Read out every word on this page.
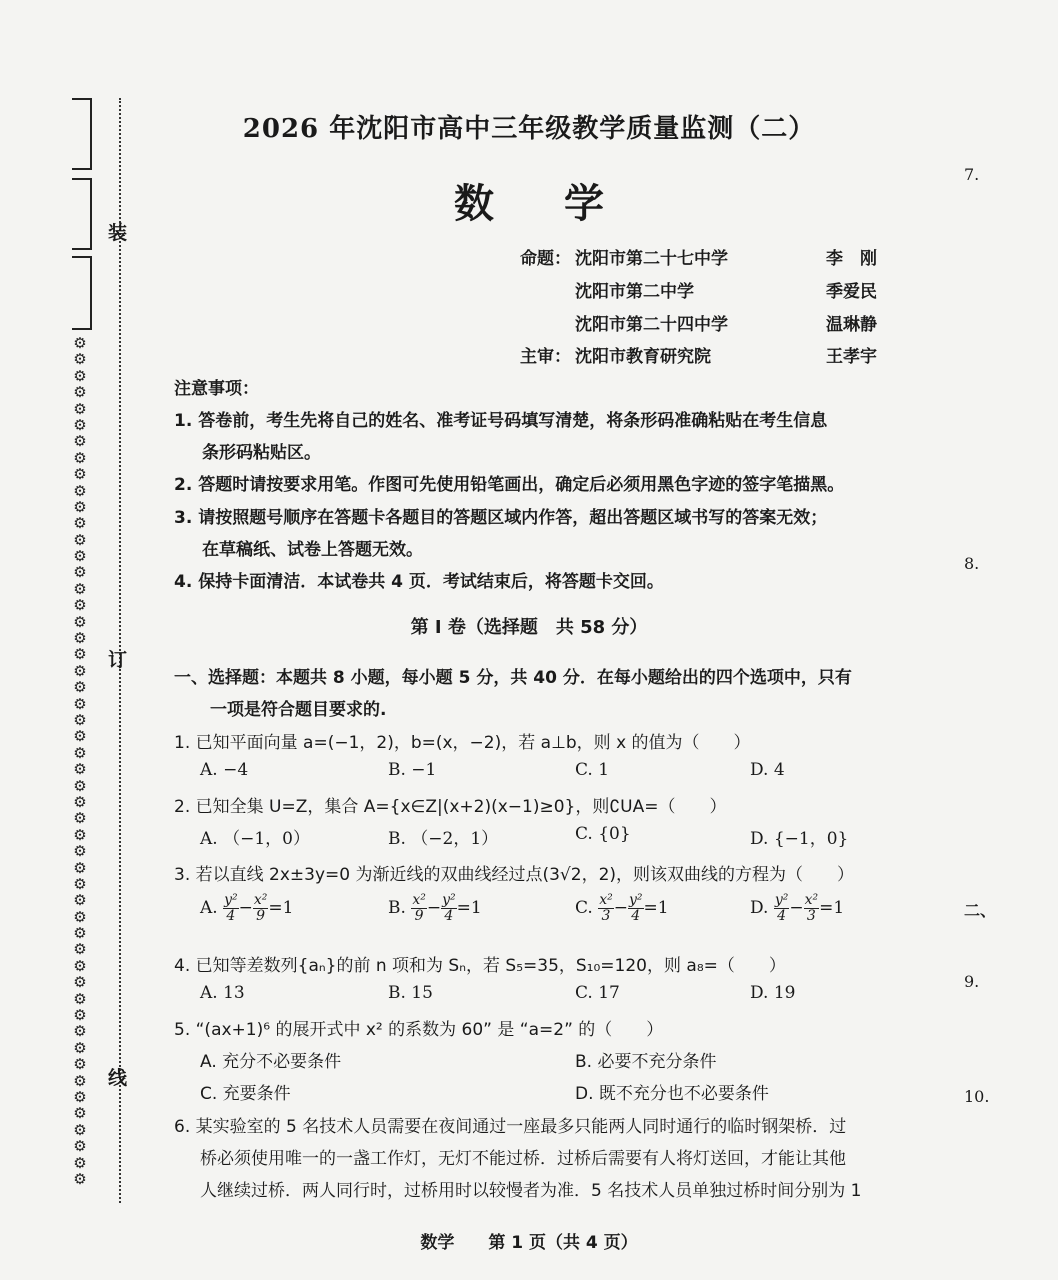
⚙
⚙
⚙
⚙
⚙
⚙
⚙
⚙
⚙
⚙
⚙
⚙
⚙
⚙
⚙
⚙
⚙
⚙
⚙
⚙
⚙
⚙
⚙
⚙
⚙
⚙
⚙
⚙
⚙
⚙
⚙
⚙
⚙
⚙
⚙
⚙
⚙
⚙
⚙
⚙
⚙
⚙
⚙
⚙
⚙
⚙
⚙
⚙
⚙
⚙
⚙
⚙
装
订
线
7.
8.
二、
9.
10.
2026 年沈阳市高中三年级教学质量监测（二）
数 学
命题： 沈阳市第二十七中学	李　刚
沈阳市第二中学	季爱民
沈阳市第二十四中学	温琳静
主审： 沈阳市教育研究院	王孝宇
注意事项：
1. 答卷前，考生先将自己的姓名、准考证号码填写清楚，将条形码准确粘贴在考生信息
条形码粘贴区。
2. 答题时请按要求用笔。作图可先使用铅笔画出，确定后必须用黑色字迹的签字笔描黑。
3. 请按照题号顺序在答题卡各题目的答题区域内作答，超出答题区域书写的答案无效；
在草稿纸、试卷上答题无效。
4. 保持卡面清洁．本试卷共 4 页．考试结束后，将答题卡交回。
第 I 卷（选择题　共 58 分）
一、选择题：本题共 8 小题，每小题 5 分，共 40 分．在每小题给出的四个选项中，只有
一项是符合题目要求的.
1. 已知平面向量 a=(−1，2)，b=(x，−2)，若 a⊥b，则 x 的值为（　　）
A. −4	B. −1	C. 1	D. 4
2. 已知全集 U=Z，集合 A={x∈Z|(x+2)(x−1)≥0}，则∁UA=（　　）
A. （−1，0）	B. （−2，1）	C. {0}	D. {−1，0}
3. 若以直线 2x±3y=0 为渐近线的双曲线经过点(3√2，2)，则该双曲线的方程为（　　）
A. $\frac{\text{y²}}{4} - \frac{\text{x²}}{9} =1$	B. $\frac{\text{x²}}{9} - \frac{\text{y²}}{4} =1$	C. $\frac{\text{x²}}{3} - \frac{\text{y²}}{4} =1$	D. $\frac{\text{y²}}{4} - \frac{\text{x²}}{3} =1$
4. 已知等差数列{aₙ}的前 n 项和为 Sₙ，若 S₅=35，S₁₀=120，则 a₈=（　　）
A. 13	B. 15	C. 17	D. 19
5. “(ax+1)⁶ 的展开式中 x² 的系数为 60” 是 “a=2” 的（　　）
A. 充分不必要条件	B. 必要不充分条件
C. 充要条件	D. 既不充分也不必要条件
6. 某实验室的 5 名技术人员需要在夜间通过一座最多只能两人同时通行的临时钢架桥．过
桥必须使用唯一的一盏工作灯，无灯不能过桥．过桥后需要有人将灯送回，才能让其他
人继续过桥．两人同行时，过桥用时以较慢者为准．5 名技术人员单独过桥时间分别为 1
数学　　第 1 页（共 4 页）
